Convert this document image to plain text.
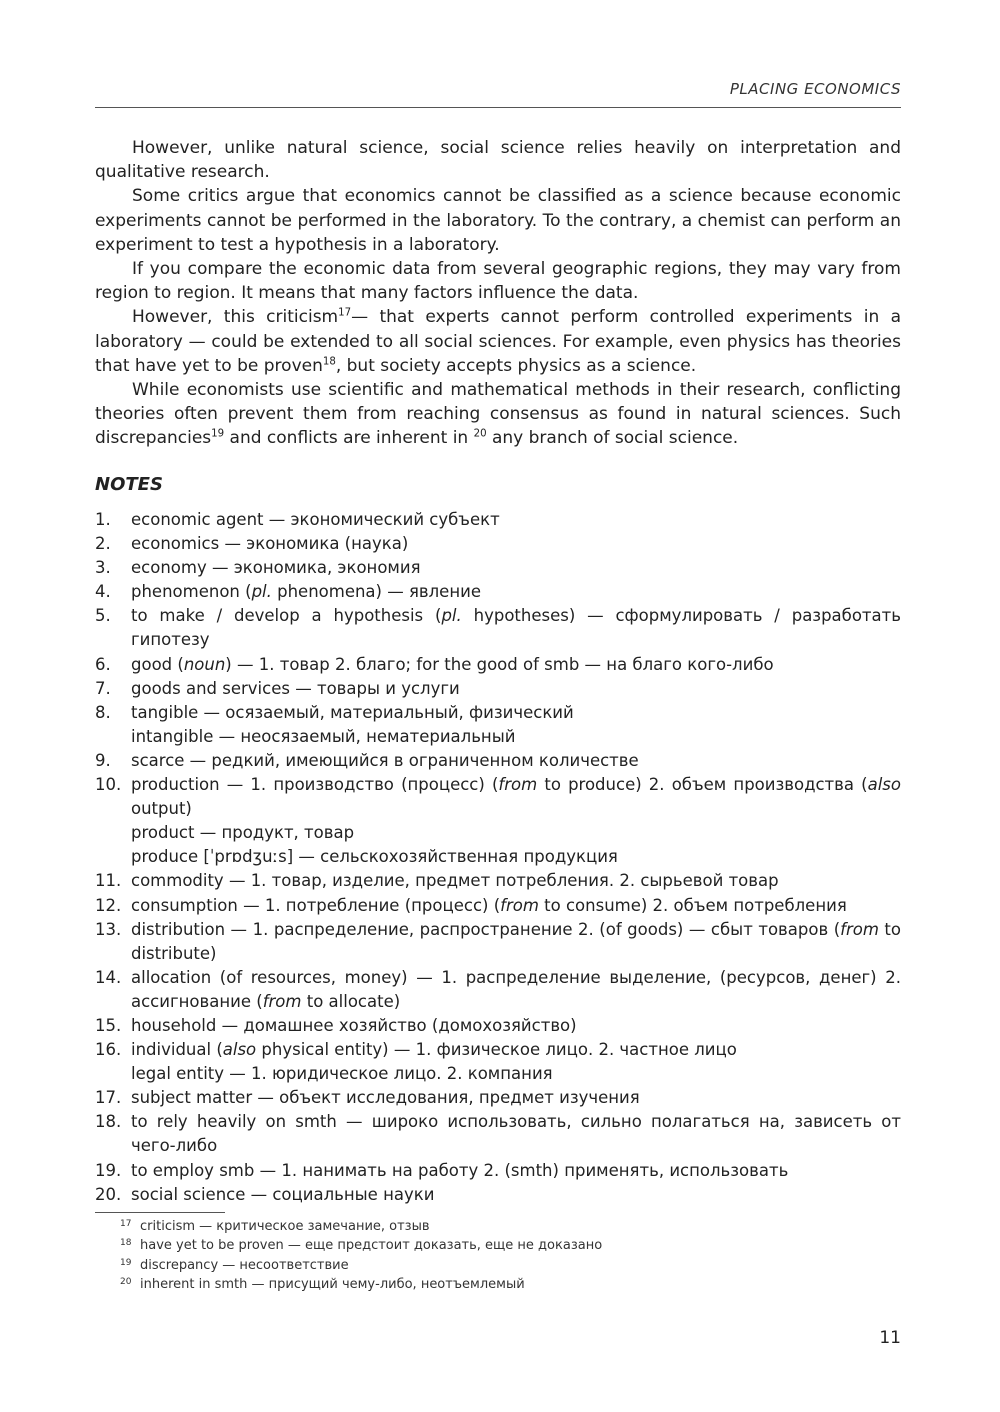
PLACING ECONOMICS

However, unlike natural science, social science relies heavily on interpretation and qualitative research.

Some critics argue that economics cannot be classified as a science because economic experiments cannot be performed in the laboratory. To the contrary, a chemist can perform an experiment to test a hypothesis in a laboratory.

If you compare the economic data from several geographic regions, they may vary from region to region. It means that many factors influence the data.

However, this criticism$^{17}$— that experts cannot perform controlled experiments in a laboratory — could be extended to all social sciences. For example, even physics has theories that have yet to be proven$^{18}$, but society accepts physics as a science.

While economists use scientific and mathematical methods in their research, conflicting theories often prevent them from reaching consensus as found in natural sciences. Such discrepancies$^{19}$ and conflicts are inherent in $^{20}$ any branch of social science.

NOTES
1.	economic agent — экономический субъект
2.	economics — экономика (наука)
3.	economy — экономика, экономия
4.	phenomenon (pl. phenomena) — явление
5.	to make / develop a hypothesis (pl. hypotheses) — сформулировать / разработать гипотезу
6.	good (noun) — 1. товар 2. благо; for the good of smb — на благо кого-либо
7.	goods and services — товары и услуги
8.	tangible — осязаемый, материальный, физический
intangible — неосязаемый, нематериальный
9.	scarce — редкий, имеющийся в ограниченном количестве
10. production — 1. производство (процесс) (from to produce) 2. объем производства (also output)
product — продукт, товар
produce [ˈprɒdʒuːs] — сельскохозяйственная продукция
11. commodity — 1. товар, изделие, предмет потребления. 2. сырьевой товар
12. consumption — 1. потребление (процесс) (from to consume) 2. объем потребления
13. distribution — 1. распределение, распространение 2. (of goods) — сбыт товаров (from to distribute)
14. allocation (of resources, money) — 1. распределение выделение, (ресурсов, денег) 2. ассигнование (from to allocate)
15. household — домашнее хозяйство (домохозяйство)
16. individual (also physical entity) — 1. физическое лицо. 2. частное лицо
legal entity — 1. юридическое лицо. 2. компания
17. subject matter — объект исследования, предмет изучения
18. to rely heavily on smth — широко использовать, сильно полагаться на, зависеть от чего-либо
19. to employ smb — 1. нанимать на работу 2. (smth) применять, использовать
20. social science — социальные науки
17 criticism — критическое замечание, отзыв
18 have yet to be proven — еще предстоит доказать, еще не доказано
19 discrepancy — несоответствие
20 inherent in smth — присущий чему-либо, неотъемлемый
11
